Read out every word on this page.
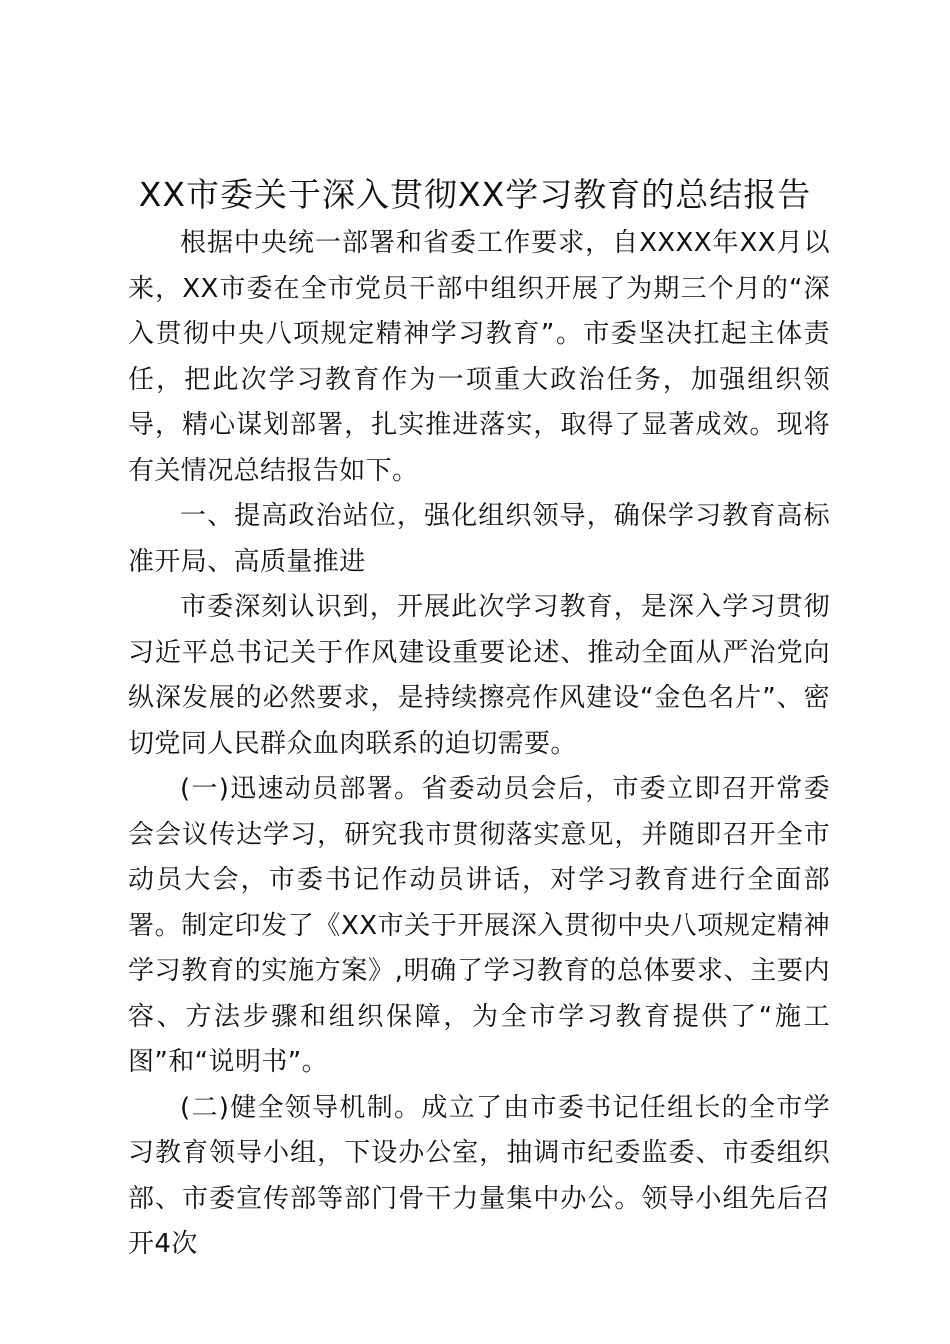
XX市委关于深入贯彻XX学习教育的总结报告

根据中央统一部署和省委工作要求，自XXXX年XX月以来，XX市委在全市党员干部中组织开展了为期三个月的“深入贯彻中央八项规定精神学习教育”。市委坚决扛起主体责任，把此次学习教育作为一项重大政治任务，加强组织领导，精心谋划部署，扎实推进落实，取得了显著成效。现将有关情况总结报告如下。

一、提高政治站位，强化组织领导，确保学习教育高标准开局、高质量推进

市委深刻认识到，开展此次学习教育，是深入学习贯彻习近平总书记关于作风建设重要论述、推动全面从严治党向纵深发展的必然要求，是持续擦亮作风建设“金色名片”、密切党同人民群众血肉联系的迫切需要。

(一)迅速动员部署。省委动员会后，市委立即召开常委会会议传达学习，研究我市贯彻落实意见，并随即召开全市动员大会，市委书记作动员讲话，对学习教育进行全面部署。制定印发了《XX市关于开展深入贯彻中央八项规定精神学习教育的实施方案》,明确了学习教育的总体要求、主要内容、方法步骤和组织保障，为全市学习教育提供了“施工图”和“说明书”。

(二)健全领导机制。成立了由市委书记任组长的全市学习教育领导小组，下设办公室，抽调市纪委监委、市委组织部、市委宣传部等部门骨干力量集中办公。领导小组先后召开4次
